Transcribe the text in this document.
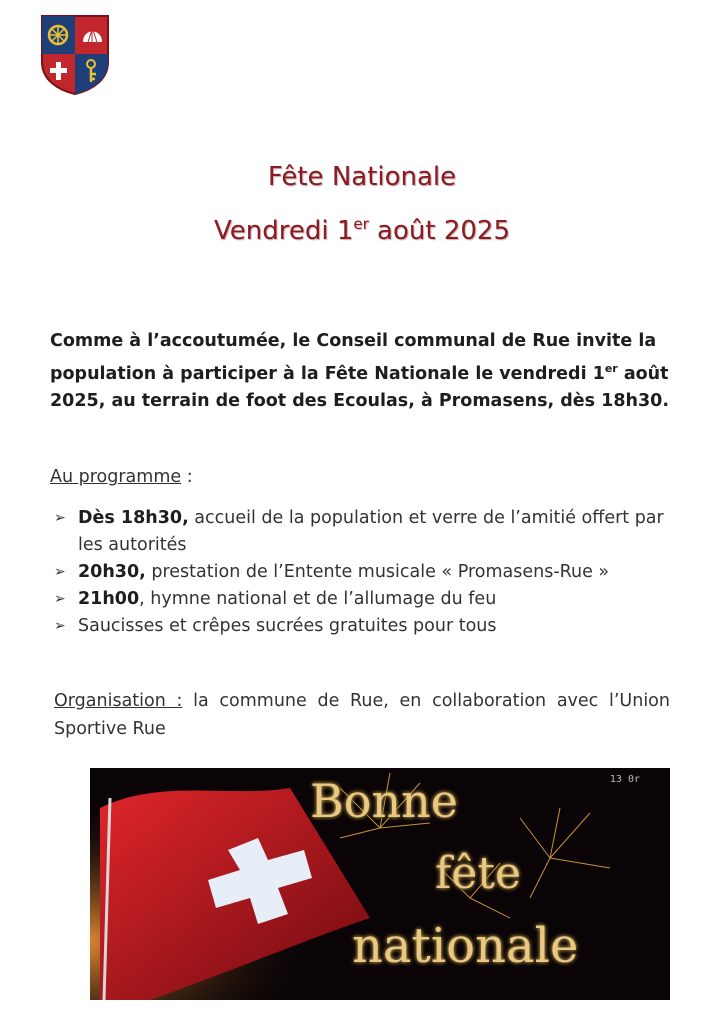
Fête Nationale
Vendredi 1er août 2025
Comme à l’accoutumée, le Conseil communal de Rue invite la population à participer à la Fête Nationale le vendredi 1er août 2025, au terrain de foot des Ecoulas, à Promasens, dès 18h30.
Au programme :
➢ Dès 18h30, accueil de la population et verre de l’amitié offert par les autorités
➢ 20h30, prestation de l’Entente musicale « Promasens-Rue »
➢ 21h00, hymne national et de l’allumage du feu
➢ Saucisses et crêpes sucrées gratuites pour tous
Organisation : la commune de Rue, en collaboration avec l’Union Sportive Rue
Bonne
fête
nationale
13 0r
